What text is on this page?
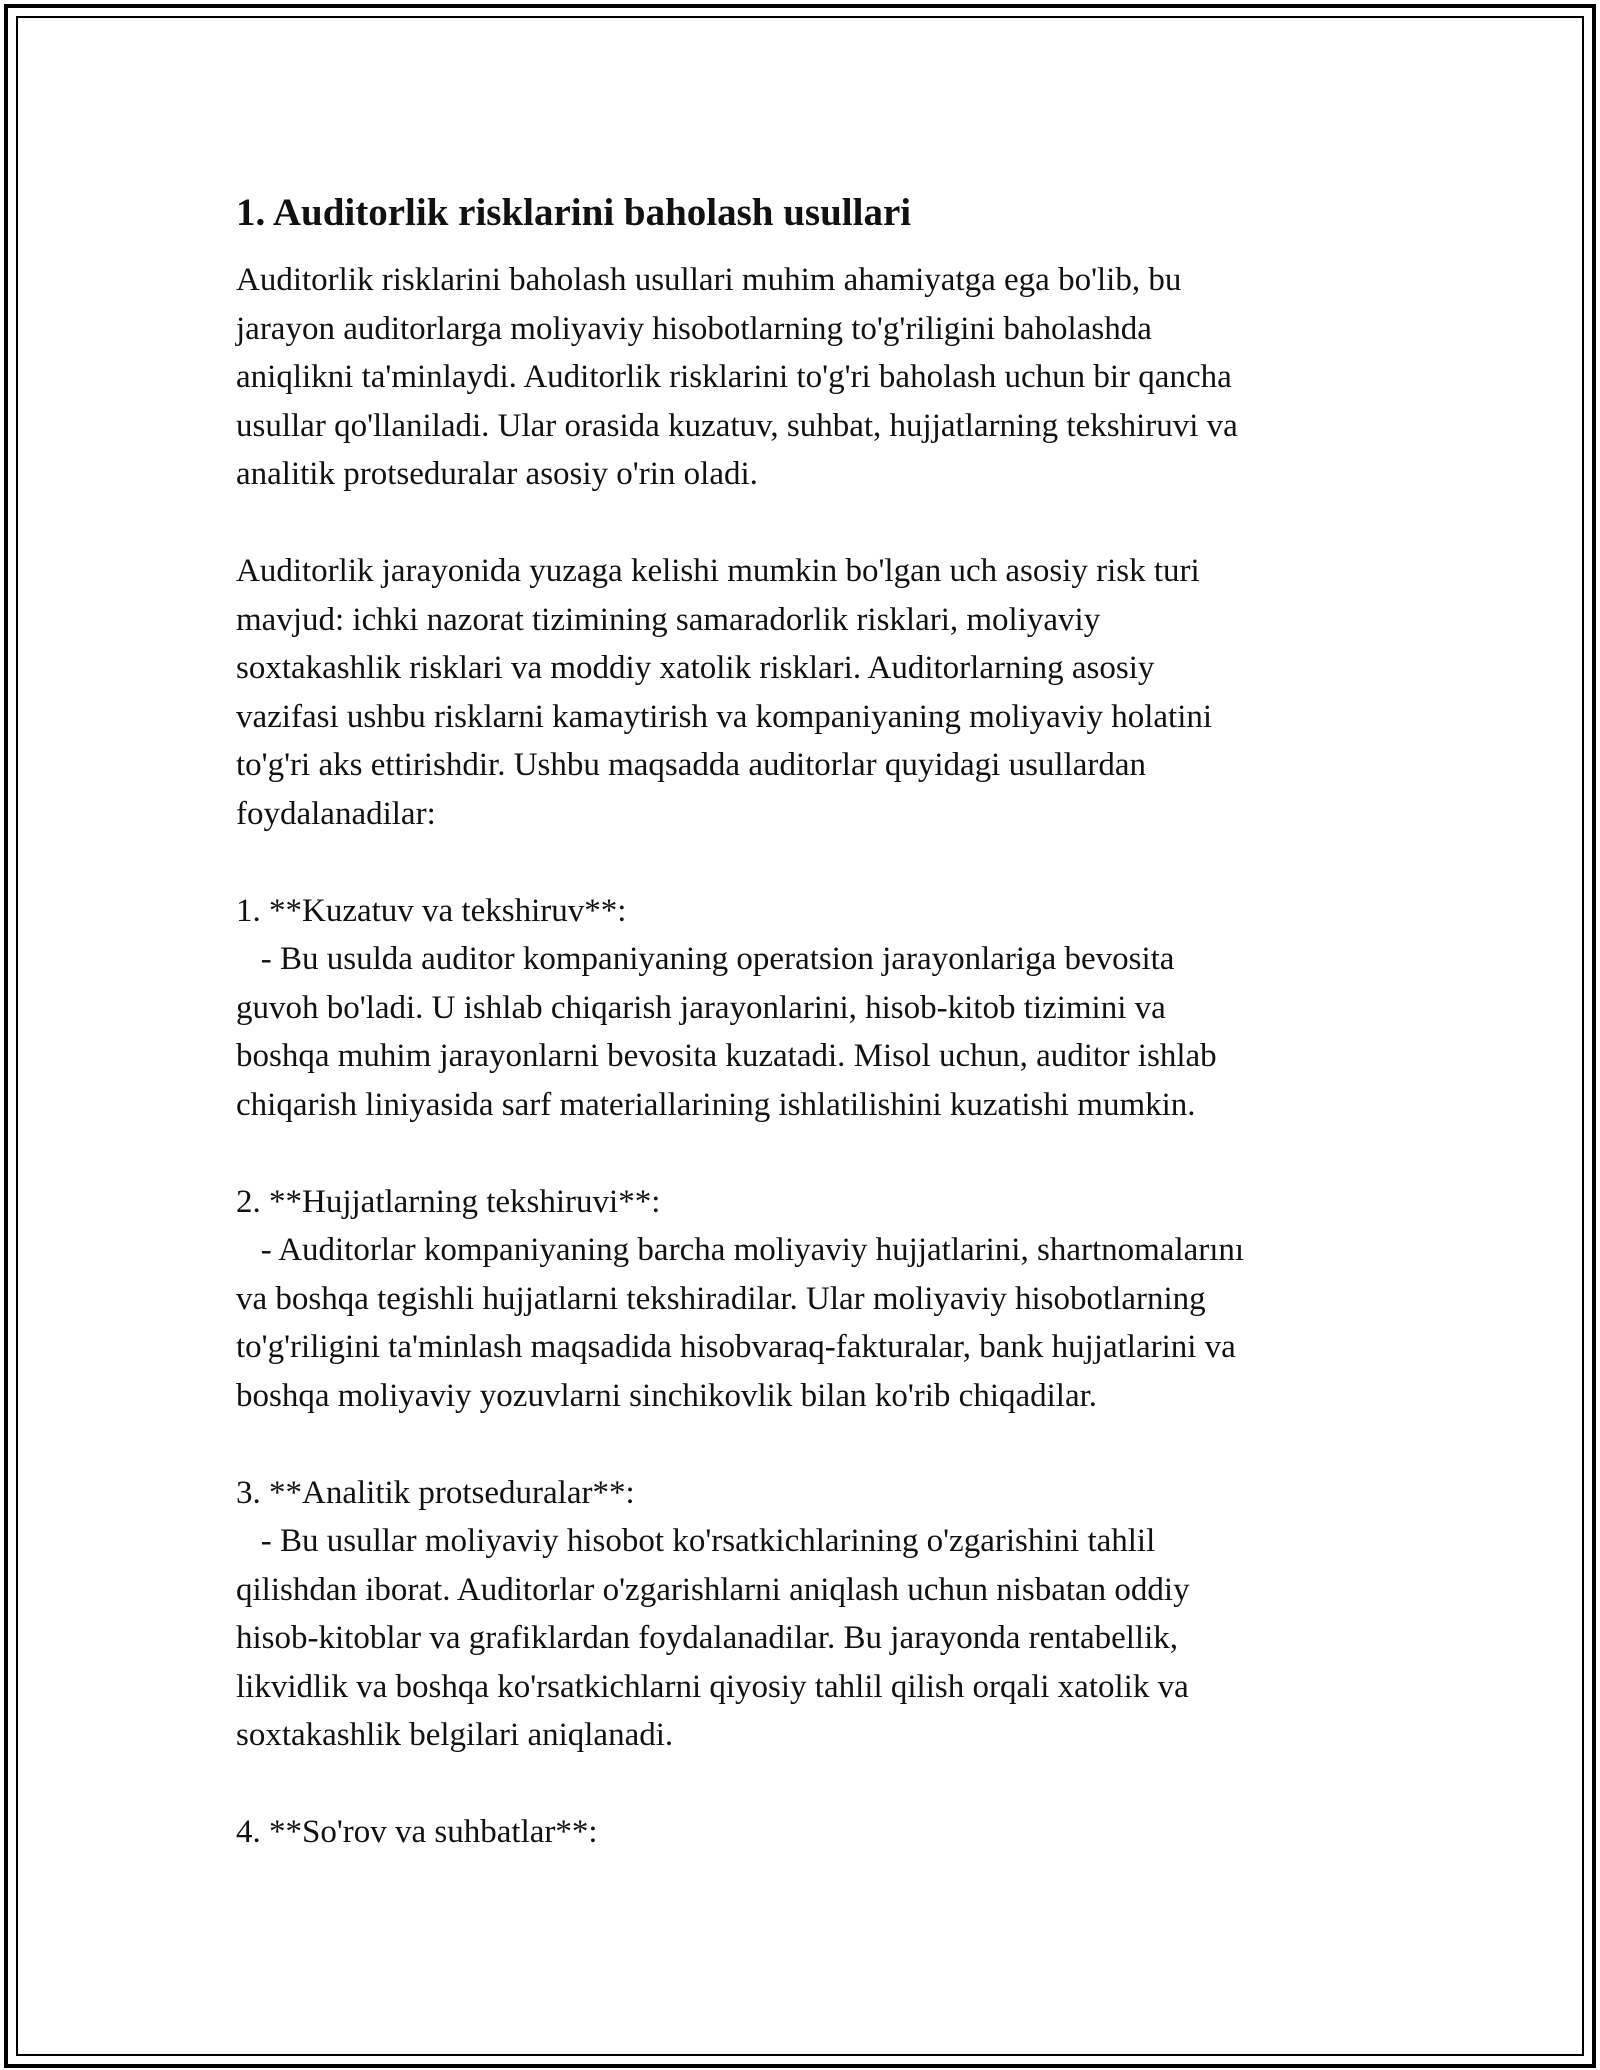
1. Auditorlik risklarini baholash usullari

Auditorlik risklarini baholash usullari muhim ahamiyatga ega bo'lib, bu
jarayon auditorlarga moliyaviy hisobotlarning to'g'riligini baholashda
aniqlikni ta'minlaydi. Auditorlik risklarini to'g'ri baholash uchun bir qancha
usullar qo'llaniladi. Ular orasida kuzatuv, suhbat, hujjatlarning tekshiruvi va
analitik protseduralar asosiy o'rin oladi.

Auditorlik jarayonida yuzaga kelishi mumkin bo'lgan uch asosiy risk turi
mavjud: ichki nazorat tizimining samaradorlik risklari, moliyaviy
soxtakashlik risklari va moddiy xatolik risklari. Auditorlarning asosiy
vazifasi ushbu risklarni kamaytirish va kompaniyaning moliyaviy holatini
to'g'ri aks ettirishdir. Ushbu maqsadda auditorlar quyidagi usullardan
foydalanadilar:

1. **Kuzatuv va tekshiruv**:

- Bu usulda auditor kompaniyaning operatsion jarayonlariga bevosita
guvoh bo'ladi. U ishlab chiqarish jarayonlarini, hisob-kitob tizimini va
boshqa muhim jarayonlarni bevosita kuzatadi. Misol uchun, auditor ishlab
chiqarish liniyasida sarf materiallarining ishlatilishini kuzatishi mumkin.

2. **Hujjatlarning tekshiruvi**:

- Auditorlar kompaniyaning barcha moliyaviy hujjatlarini, shartnomalarını
va boshqa tegishli hujjatlarni tekshiradilar. Ular moliyaviy hisobotlarning
to'g'riligini ta'minlash maqsadida hisobvaraq-fakturalar, bank hujjatlarini va
boshqa moliyaviy yozuvlarni sinchikovlik bilan ko'rib chiqadilar.

3. **Analitik protseduralar**:

- Bu usullar moliyaviy hisobot ko'rsatkichlarining o'zgarishini tahlil
qilishdan iborat. Auditorlar o'zgarishlarni aniqlash uchun nisbatan oddiy
hisob-kitoblar va grafiklardan foydalanadilar. Bu jarayonda rentabellik,
likvidlik va boshqa ko'rsatkichlarni qiyosiy tahlil qilish orqali xatolik va
soxtakashlik belgilari aniqlanadi.

4. **So'rov va suhbatlar**:
